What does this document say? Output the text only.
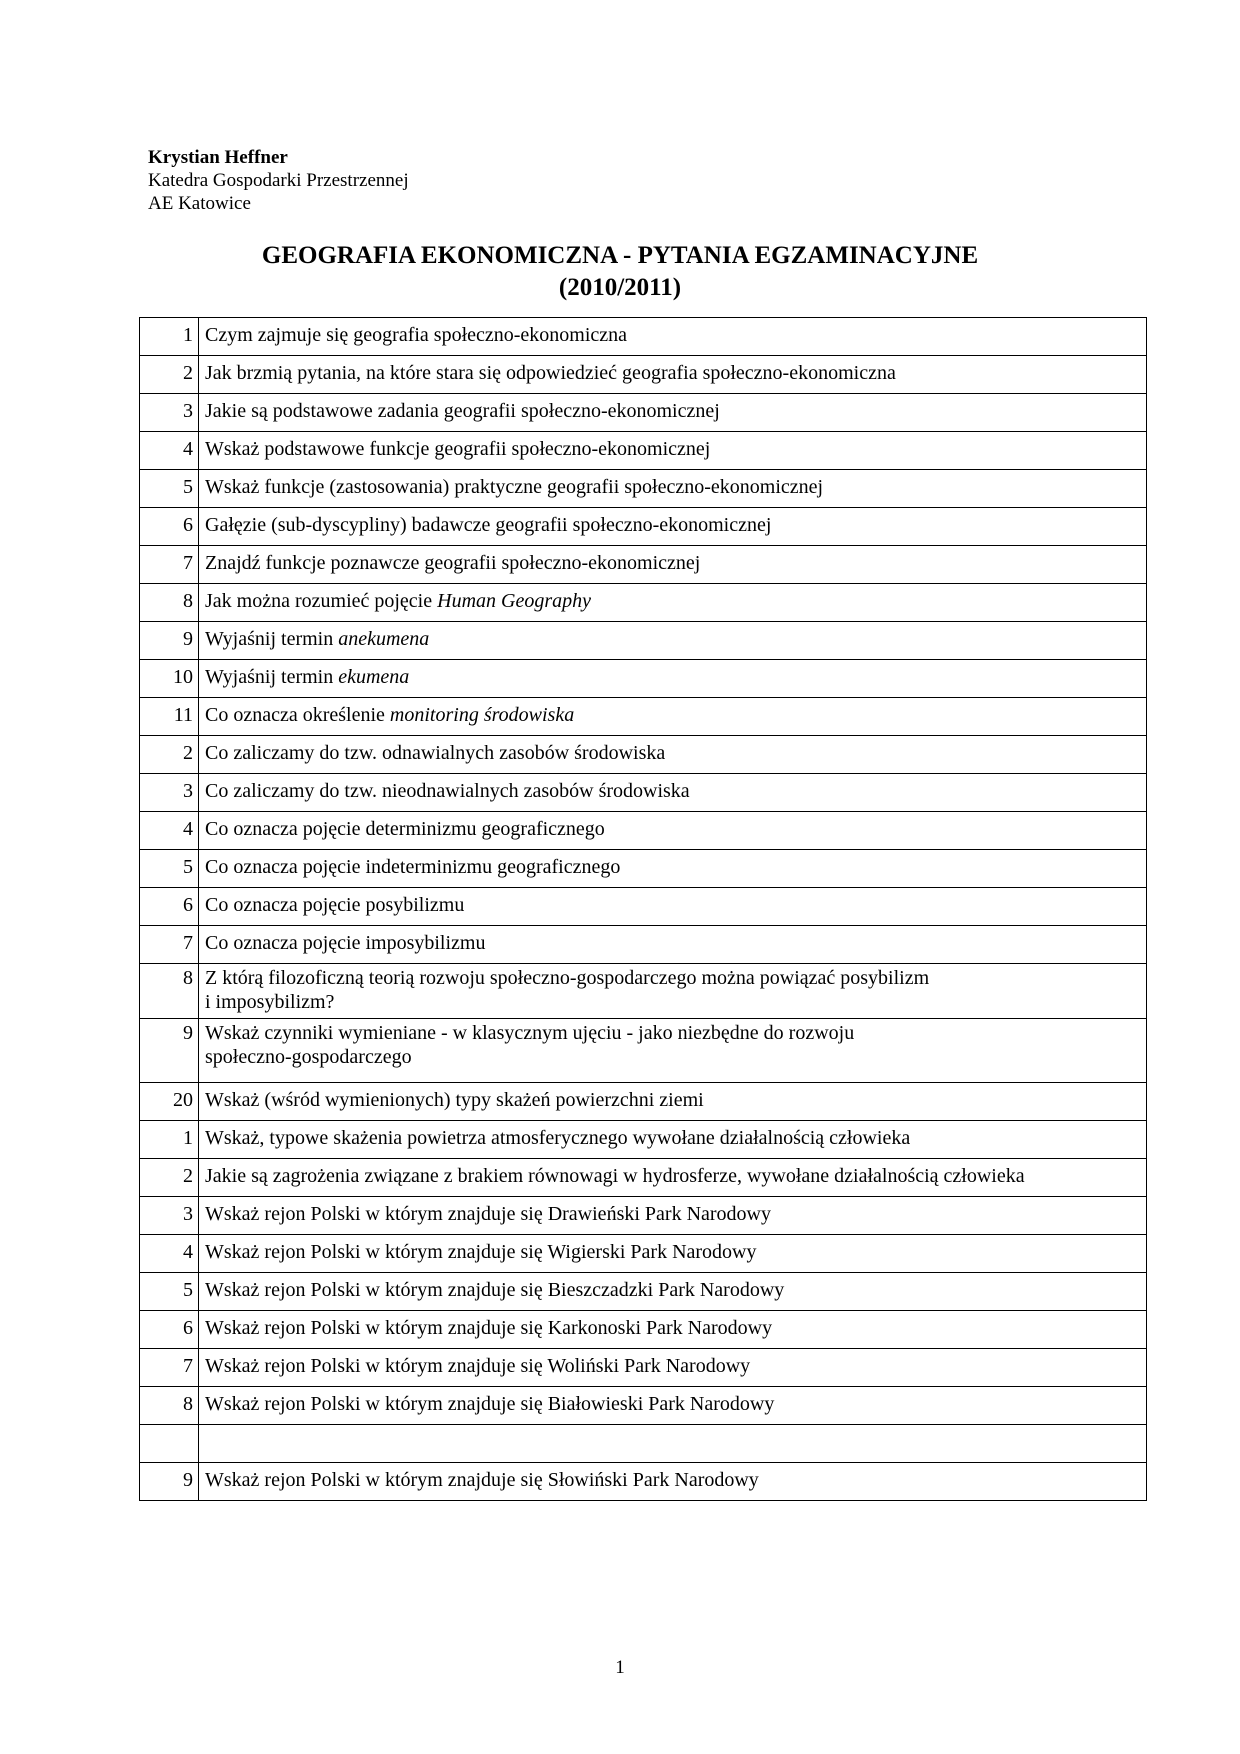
Krystian Heffner
Katedra Gospodarki Przestrzennej
AE Katowice
GEOGRAFIA EKONOMICZNA - PYTANIA EGZAMINACYJNE
(2010/2011)
1	Czym zajmuje się geografia społeczno-ekonomiczna
2	Jak brzmią pytania, na które stara się odpowiedzieć geografia społeczno-ekonomiczna
3	Jakie są podstawowe zadania geografii społeczno-ekonomicznej
4	Wskaż podstawowe funkcje geografii społeczno-ekonomicznej
5	Wskaż funkcje (zastosowania) praktyczne geografii społeczno-ekonomicznej
6	Gałęzie (sub-dyscypliny) badawcze geografii społeczno-ekonomicznej
7	Znajdź funkcje poznawcze geografii społeczno-ekonomicznej
8	Jak można rozumieć pojęcie Human Geography
9	Wyjaśnij termin anekumena
10	Wyjaśnij termin ekumena
11	Co oznacza określenie monitoring środowiska
2	Co zaliczamy do tzw. odnawialnych zasobów środowiska
3	Co zaliczamy do tzw. nieodnawialnych zasobów środowiska
4	Co oznacza pojęcie determinizmu geograficznego
5	Co oznacza pojęcie indeterminizmu geograficznego
6	Co oznacza pojęcie posybilizmu
7	Co oznacza pojęcie imposybilizmu
8	Z którą filozoficzną teorią rozwoju społeczno-gospodarczego można powiązać posybilizm
i imposybilizm?
9	Wskaż czynniki wymieniane - w klasycznym ujęciu - jako niezbędne do rozwoju
społeczno-gospodarczego
20	Wskaż (wśród wymienionych) typy skażeń powierzchni ziemi
1	Wskaż, typowe skażenia powietrza atmosferycznego wywołane działalnością człowieka
2	Jakie są zagrożenia związane z brakiem równowagi w hydrosferze, wywołane działalnością człowieka
3	Wskaż rejon Polski w którym znajduje się Drawieński Park Narodowy
4	Wskaż rejon Polski w którym znajduje się Wigierski Park Narodowy
5	Wskaż rejon Polski w którym znajduje się Bieszczadzki Park Narodowy
6	Wskaż rejon Polski w którym znajduje się Karkonoski Park Narodowy
7	Wskaż rejon Polski w którym znajduje się Woliński Park Narodowy
8	Wskaż rejon Polski w którym znajduje się Białowieski Park Narodowy

9	Wskaż rejon Polski w którym znajduje się Słowiński Park Narodowy
1
